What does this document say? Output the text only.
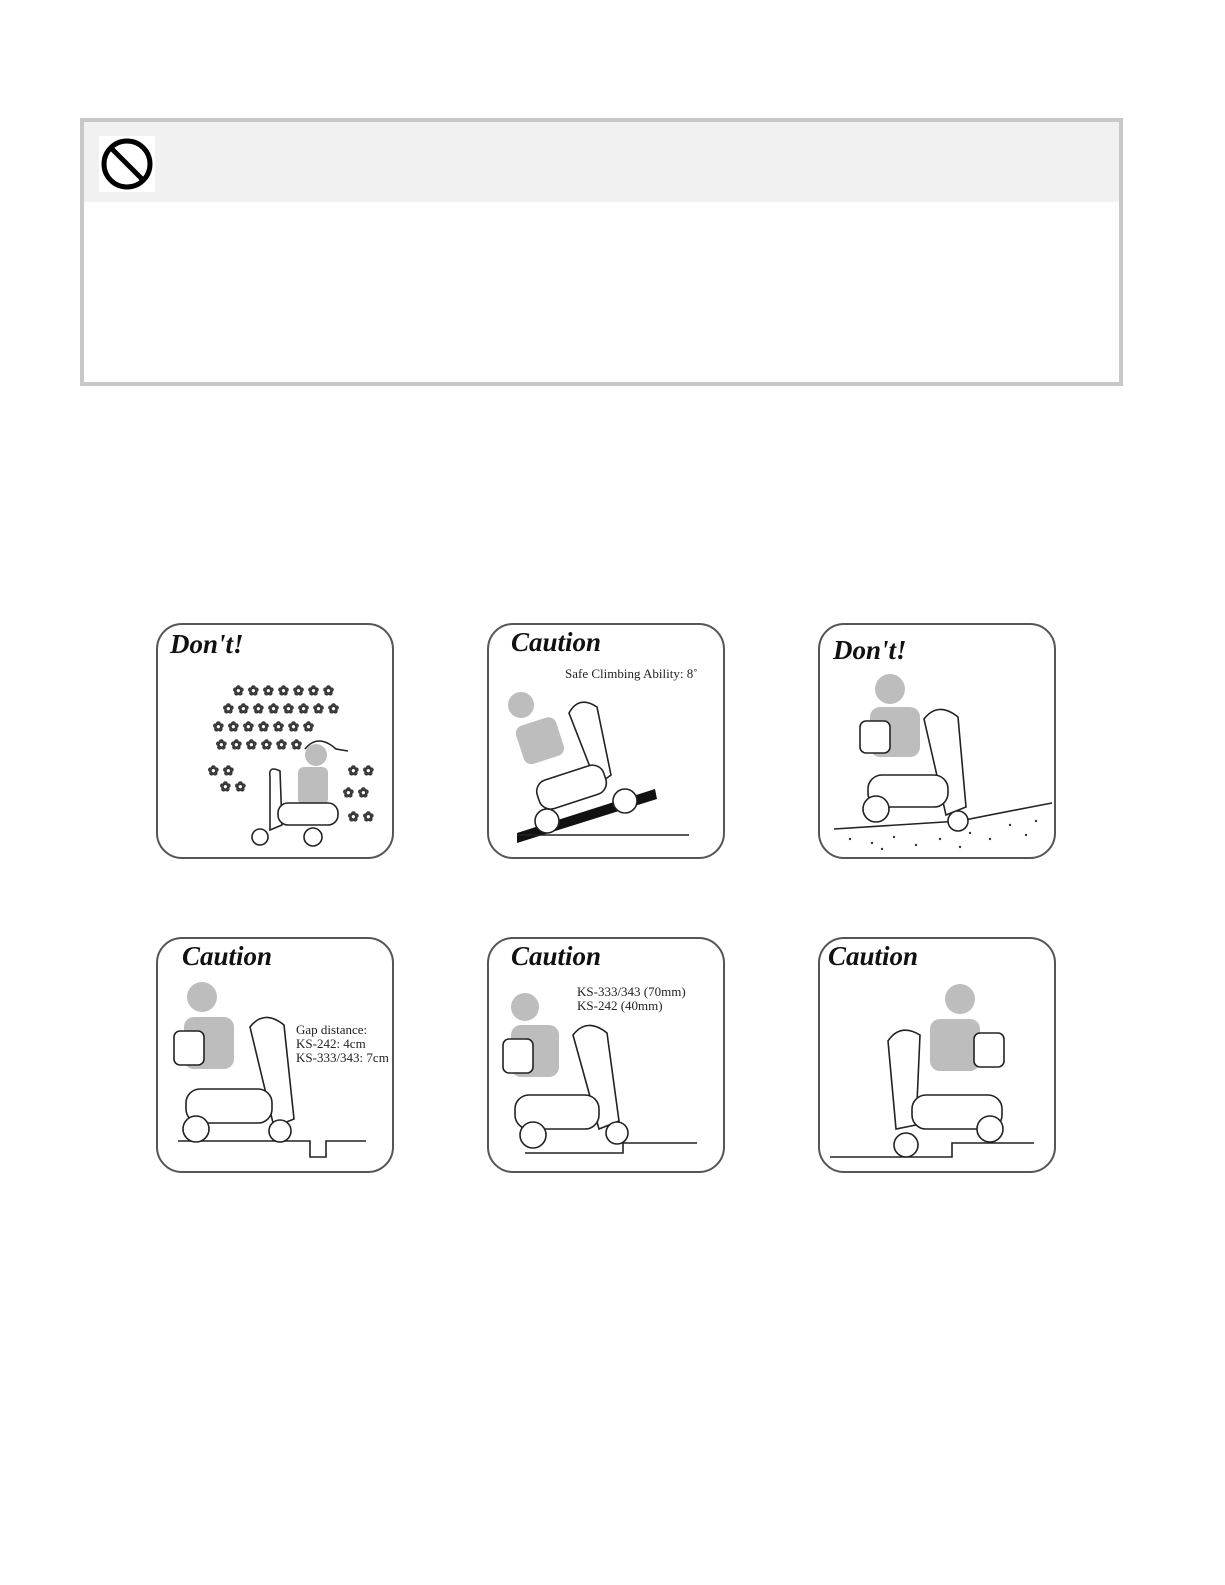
✿ ✿ ✿ ✿ ✿ ✿ ✿
✿ ✿ ✿ ✿ ✿ ✿ ✿ ✿
✿ ✿ ✿ ✿ ✿ ✿ ✿
✿ ✿ ✿ ✿ ✿ ✿
✿ ✿	✿ ✿
✿ ✿	✿ ✿
✿ ✿
Don't!	Caution
Safe Climbing Ability: 8˚
Don't!
Caution
Gap distance:
KS-242: 4cm
KS-333/343: 7cm
Caution
KS-333/343 (70mm)
KS-242 (40mm)
Caution
